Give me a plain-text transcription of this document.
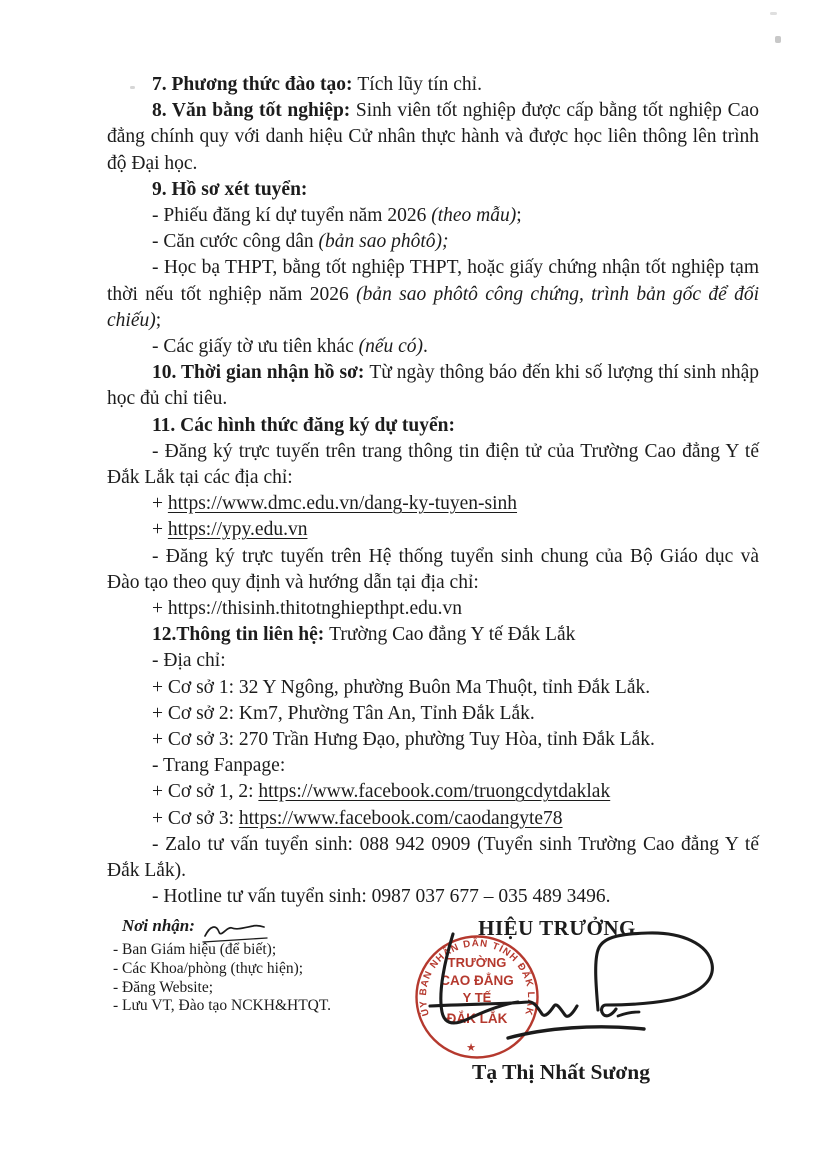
7. Phương thức đào tạo: Tích lũy tín chỉ.

8. Văn bằng tốt nghiệp: Sinh viên tốt nghiệp được cấp bằng tốt nghiệp Cao đẳng chính quy với danh hiệu Cử nhân thực hành và được học liên thông lên trình độ Đại học.

9. Hồ sơ xét tuyển:

- Phiếu đăng kí dự tuyển năm 2026 (theo mẫu);

- Căn cước công dân (bản sao phôtô);

- Học bạ THPT, bằng tốt nghiệp THPT, hoặc giấy chứng nhận tốt nghiệp tạm thời nếu tốt nghiệp năm 2026 (bản sao phôtô công chứng, trình bản gốc để đối chiếu);

- Các giấy tờ ưu tiên khác (nếu có).

10. Thời gian nhận hồ sơ: Từ ngày thông báo đến khi số lượng thí sinh nhập học đủ chỉ tiêu.

11. Các hình thức đăng ký dự tuyển:

- Đăng ký trực tuyến trên trang thông tin điện tử của Trường Cao đẳng Y tế Đắk Lắk tại các địa chỉ:

+ https://www.dmc.edu.vn/dang-ky-tuyen-sinh

+ https://ypy.edu.vn

- Đăng ký trực tuyến trên Hệ thống tuyển sinh chung của Bộ Giáo dục và Đào tạo theo quy định và hướng dẫn tại địa chỉ:

+ https://thisinh.thitotnghiepthpt.edu.vn

12.Thông tin liên hệ: Trường Cao đẳng Y tế Đắk Lắk

- Địa chỉ:

+ Cơ sở 1: 32 Y Ngông, phường Buôn Ma Thuột, tỉnh Đắk Lắk.

+ Cơ sở 2: Km7, Phường Tân An, Tỉnh Đắk Lắk.

+ Cơ sở 3: 270 Trần Hưng Đạo, phường Tuy Hòa, tỉnh Đắk Lắk.

- Trang Fanpage:

+ Cơ sở 1, 2: https://www.facebook.com/truongcdytdaklak

+ Cơ sở 3: https://www.facebook.com/caodangyte78

- Zalo tư vấn tuyển sinh: 088 942 0909 (Tuyển sinh Trường Cao đẳng Y tế Đắk Lắk).

- Hotline tư vấn tuyển sinh: 0987 037 677 – 035 489 3496.

Nơi nhận:

- Ban Giám hiệu (để biết);

- Các Khoa/phòng (thực hiện);

- Đăng Website;

- Lưu VT, Đào tạo NCKH&HTQT.

HIỆU TRƯỞNG
Tạ Thị Nhất Sương
ỦY BAN NHÂN DÂN TỈNH ĐẮK LẮK
TRƯỜNG
CAO ĐẲNG
Y TẾ
ĐẮK LẮK
★
